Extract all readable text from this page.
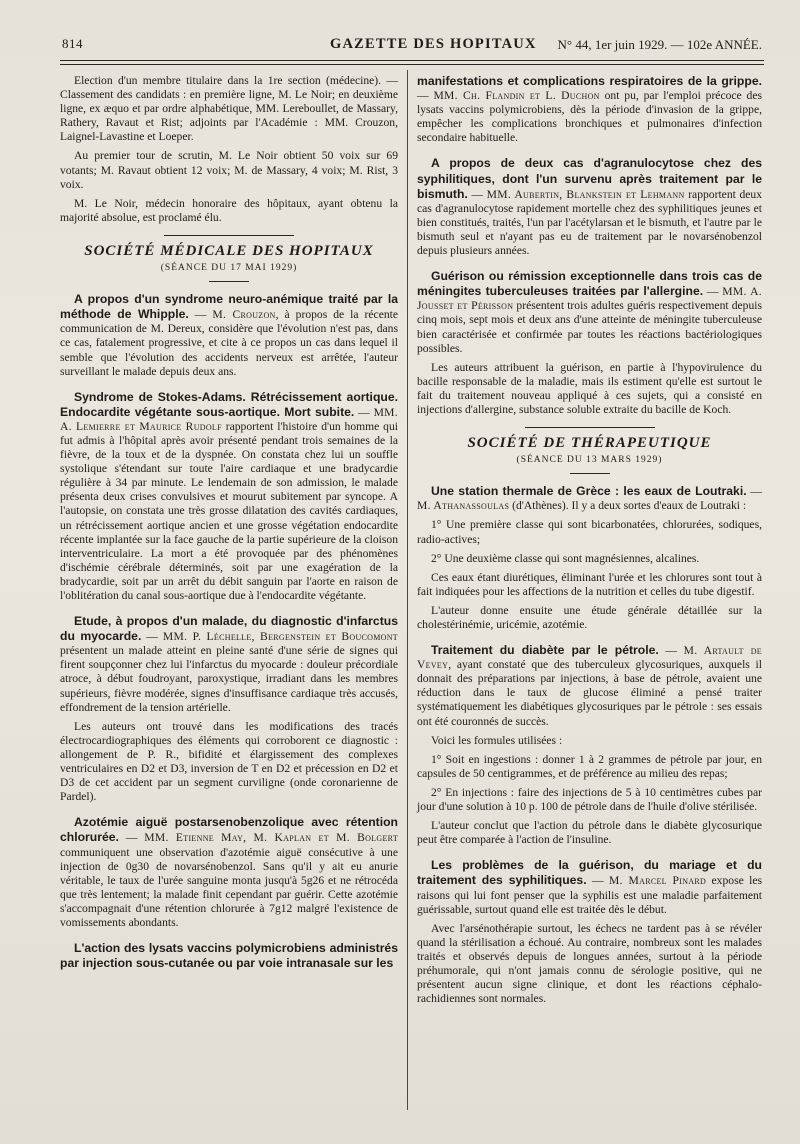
814	GAZETTE DES HOPITAUX N° 44, 1er juin 1929. — 102e ANNÉE.

Election d'un membre titulaire dans la 1re section (médecine). — Classement des candidats : en première ligne, M. Le Noir; en deuxième ligne, ex æquo et par ordre alphabétique, MM. Lereboullet, de Massary, Rathery, Ravaut et Rist; adjoints par l'Académie : MM. Crouzon, Laignel-Lavastine et Loeper.

Au premier tour de scrutin, M. Le Noir obtient 50 voix sur 69 votants; M. Ravaut obtient 12 voix; M. de Massary, 4 voix; M. Rist, 3 voix.

M. Le Noir, médecin honoraire des hôpitaux, ayant obtenu la majorité absolue, est proclamé élu.

SOCIÉTÉ MÉDICALE DES HOPITAUX
(SÉANCE DU 17 MAI 1929)

A propos d'un syndrome neuro-anémique traité par la méthode de Whipple. — M. Crouzon, à propos de la récente communication de M. Dereux, considère que l'évolution n'est pas, dans ce cas, fatalement progressive, et cite à ce propos un cas dans lequel il semble que l'évolution des accidents nerveux est arrêtée, l'auteur surveillant le malade depuis deux ans.

Syndrome de Stokes-Adams. Rétrécissement aortique. Endocardite végétante sous-aortique. Mort subite. — MM. A. Lemierre et Maurice Rudolf rapportent l'histoire d'un homme qui fut admis à l'hôpital après avoir présenté pendant trois semaines de la fièvre, de la toux et de la dyspnée. On constata chez lui un souffle systolique s'étendant sur toute l'aire cardiaque et une bradycardie régulière à 34 par minute. Le lendemain de son admission, le malade présenta deux crises convulsives et mourut subitement par syncope. A l'autopsie, on constata une très grosse dilatation des cavités cardiaques, un rétrécissement aortique ancien et une grosse végétation endocardite récente implantée sur la face gauche de la partie supérieure de la cloison interventriculaire. La mort a été provoquée par des phénomènes d'ischémie cérébrale déterminés, soit par une exagération de la bradycardie, soit par un arrêt du débit sanguin par l'aorte en raison de l'oblitération du canal sous-aortique due à l'endocardite végétante.

Etude, à propos d'un malade, du diagnostic d'infarctus du myocarde. — MM. P. Léchelle, Bergenstein et Boucomont présentent un malade atteint en pleine santé d'une série de signes qui firent soupçonner chez lui l'infarctus du myocarde : douleur précordiale atroce, à début foudroyant, paroxystique, irradiant dans les membres supérieurs, fièvre modérée, signes d'insuffisance cardiaque très accusés, effondrement de la tension artérielle.

Les auteurs ont trouvé dans les modifications des tracés électrocardiographiques des éléments qui corroborent ce diagnostic : allongement de P. R., bifidité et élargissement des complexes ventriculaires en D2 et D3, inversion de T en D2 et précession en D2 et D3 de cet accident par un segment curviligne (onde coronarienne de Pardel).

Azotémie aiguë postarsenobenzolique avec rétention chlorurée. — MM. Etienne May, M. Kaplan et M. Bolgert communiquent une observation d'azotémie aiguë consécutive à une injection de 0g30 de novarsénobenzol. Sans qu'il y ait eu anurie véritable, le taux de l'urée sanguine monta jusqu'à 5g26 et ne rétrocéda que très lentement; la malade finit cependant par guérir. Cette azotémie s'accompagnait d'une rétention chlorurée à 7g12 malgré l'existence de vomissements abondants.

L'action des lysats vaccins polymicrobiens administrés par injection sous-cutanée ou par voie intranasale sur les

manifestations et complications respiratoires de la grippe. — MM. Ch. Flandin et L. Duchon ont pu, par l'emploi précoce des lysats vaccins polymicrobiens, dès la période d'invasion de la grippe, empêcher les complications bronchiques et pulmonaires d'infection secondaire habituelle.

A propos de deux cas d'agranulocytose chez des syphilitiques, dont l'un survenu après traitement par le bismuth. — MM. Aubertin, Blankstein et Lehmann rapportent deux cas d'agranulocytose rapidement mortelle chez des syphilitiques jeunes et bien constitués, traités, l'un par l'acétylarsan et le bismuth, et l'autre par le bismuth seul et n'ayant pas eu de traitement par le novarsénobenzol depuis plusieurs années.

Guérison ou rémission exceptionnelle dans trois cas de méningites tuberculeuses traitées par l'allergine. — MM. A. Jousset et Périsson présentent trois adultes guéris respectivement depuis cinq mois, sept mois et deux ans d'une atteinte de méningite tuberculeuse bien caractérisée et confirmée par toutes les réactions bactériologiques possibles.

Les auteurs attribuent la guérison, en partie à l'hypovirulence du bacille responsable de la maladie, mais ils estiment qu'elle est surtout le fait du traitement nouveau appliqué à ces sujets, qui a consisté en injections d'allergine, substance soluble extraite du bacille de Koch.

SOCIÉTÉ DE THÉRAPEUTIQUE
(SÉANCE DU 13 MARS 1929)

Une station thermale de Grèce : les eaux de Loutraki. — M. Athanassoulas (d'Athènes). Il y a deux sortes d'eaux de Loutraki :

1° Une première classe qui sont bicarbonatées, chlorurées, sodiques, radio-actives;

2° Une deuxième classe qui sont magnésiennes, alcalines.

Ces eaux étant diurétiques, éliminant l'urée et les chlorures sont tout à fait indiquées pour les affections de la nutrition et celles du tube digestif.

L'auteur donne ensuite une étude générale détaillée sur la cholestérinémie, uricémie, azotémie.

Traitement du diabète par le pétrole. — M. Artault de Vevey, ayant constaté que des tuberculeux glycosuriques, auxquels il donnait des préparations par injections, à base de pétrole, avaient une réduction dans le taux de glucose éliminé a pensé traiter systématiquement les diabétiques glycosuriques par le pétrole : ses essais ont été couronnés de succès.

Voici les formules utilisées :

1° Soit en ingestions : donner 1 à 2 grammes de pétrole par jour, en capsules de 50 centigrammes, et de préférence au milieu des repas;

2° En injections : faire des injections de 5 à 10 centimètres cubes par jour d'une solution à 10 p. 100 de pétrole dans de l'huile d'olive stérilisée.

L'auteur conclut que l'action du pétrole dans le diabète glycosurique peut être comparée à l'action de l'insuline.

Les problèmes de la guérison, du mariage et du traitement des syphilitiques. — M. Marcel Pinard expose les raisons qui lui font penser que la syphilis est une maladie parfaitement guérissable, surtout quand elle est traitée dès le début.

Avec l'arsénothérapie surtout, les échecs ne tardent pas à se révéler quand la stérilisation a échoué. Au contraire, nombreux sont les malades traités et observés depuis de longues années, surtout à la période préhumorale, qui n'ont jamais connu de sérologie positive, qui ne présentent aucun signe clinique, et dont les réactions céphalo-rachidiennes sont normales.
